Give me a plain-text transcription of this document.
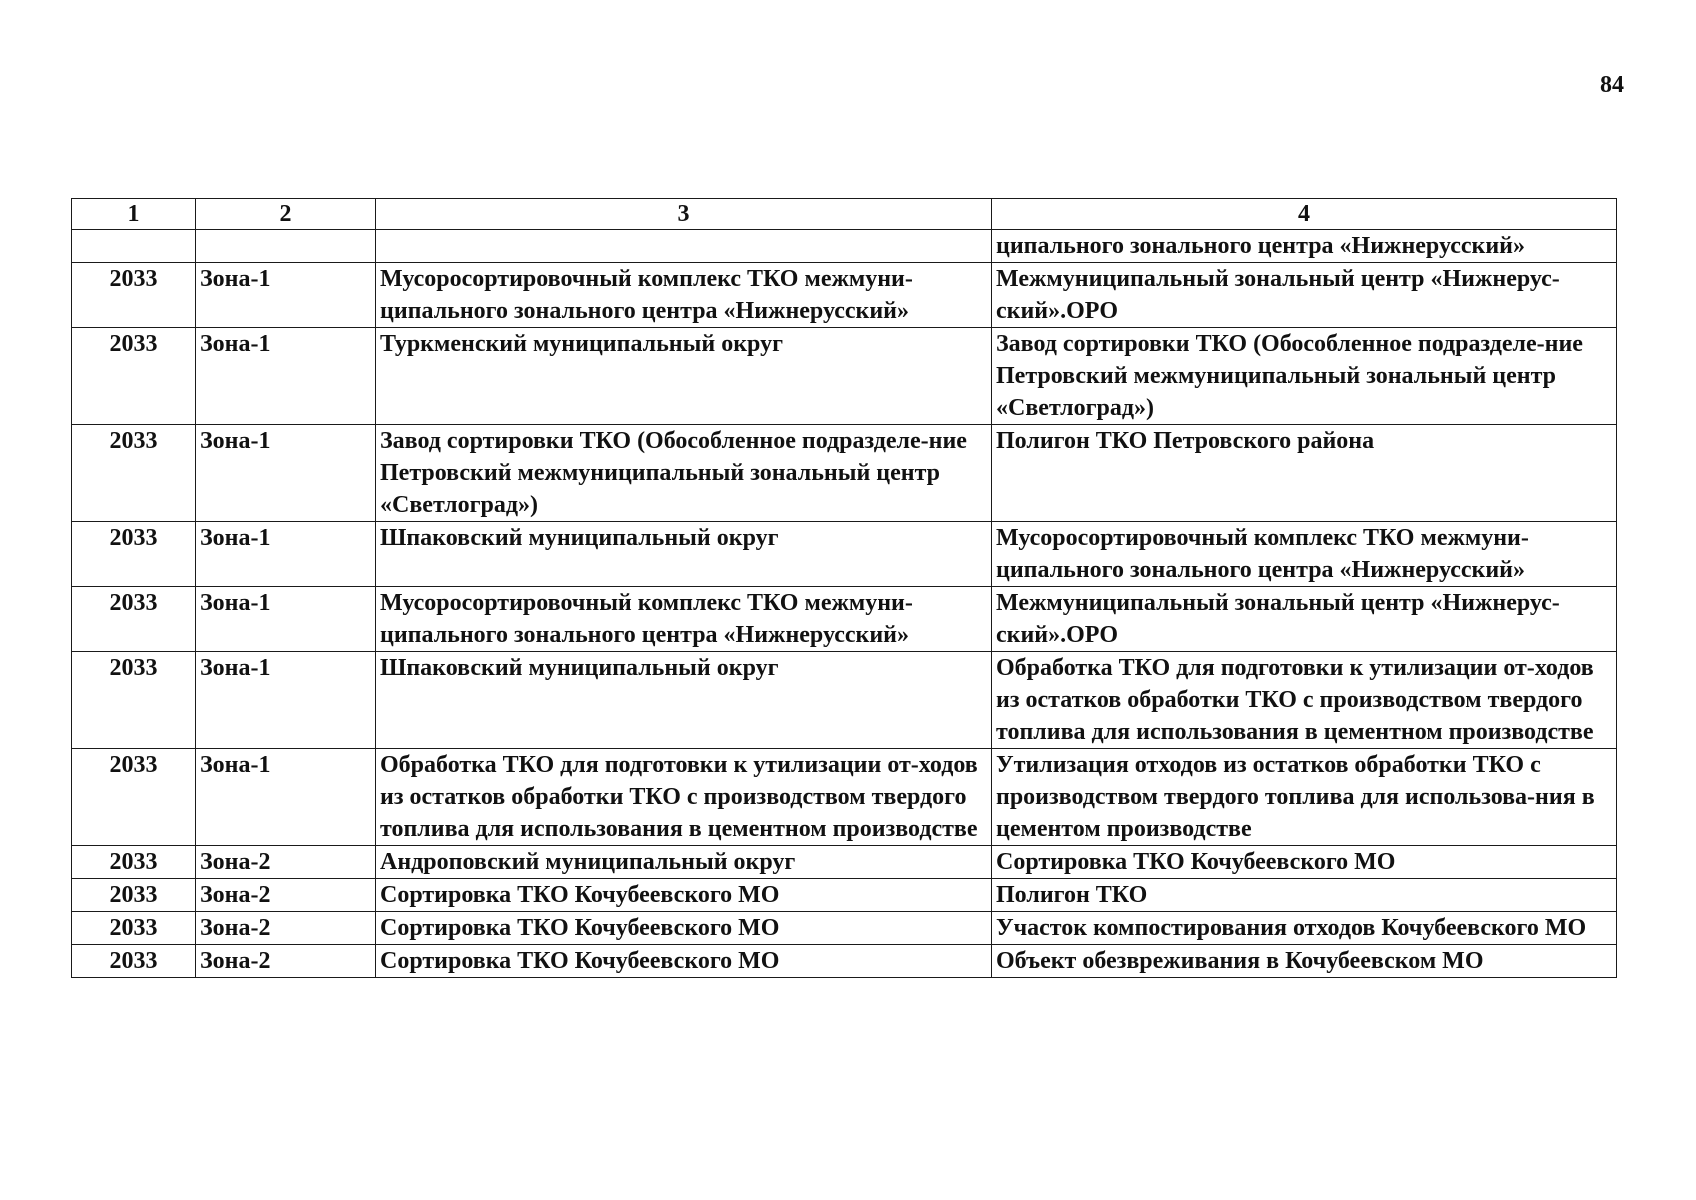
84
1	2	3	4
			ципального зонального центра «Нижнерусский»
2033	Зона-1	Мусоросортировочный комплекс ТКО межмуни-ципального зонального центра «Нижнерусский»	Межмуниципальный зональный центр «Нижнерус-ский».ОРО
2033	Зона-1	Туркменский муниципальный округ	Завод сортировки ТКО (Обособленное подразделе-ние Петровский межмуниципальный зональный центр «Светлоград»)
2033	Зона-1	Завод сортировки ТКО (Обособленное подразделе-ние Петровский межмуниципальный зональный центр «Светлоград»)	Полигон ТКО Петровского района
2033	Зона-1	Шпаковский муниципальный округ	Мусоросортировочный комплекс ТКО межмуни-ципального зонального центра «Нижнерусский»
2033	Зона-1	Мусоросортировочный комплекс ТКО межмуни-ципального зонального центра «Нижнерусский»	Межмуниципальный зональный центр «Нижнерус-ский».ОРО
2033	Зона-1	Шпаковский муниципальный округ	Обработка ТКО для подготовки к утилизации от-ходов из остатков обработки ТКО с производством твердого топлива для использования в цементном производстве
2033	Зона-1	Обработка ТКО для подготовки к утилизации от-ходов из остатков обработки ТКО с производством твердого топлива для использования в цементном производстве	Утилизация отходов из остатков обработки ТКО с производством твердого топлива для использова-ния в цементом производстве
2033	Зона-2	Андроповский муниципальный округ	Сортировка ТКО Кочубеевского МО
2033	Зона-2	Сортировка ТКО Кочубеевского МО	Полигон ТКО
2033	Зона-2	Сортировка ТКО Кочубеевского МО	Участок компостирования отходов Кочубеевского МО
2033	Зона-2	Сортировка ТКО Кочубеевского МО	Объект обезвреживания в Кочубеевском МО
